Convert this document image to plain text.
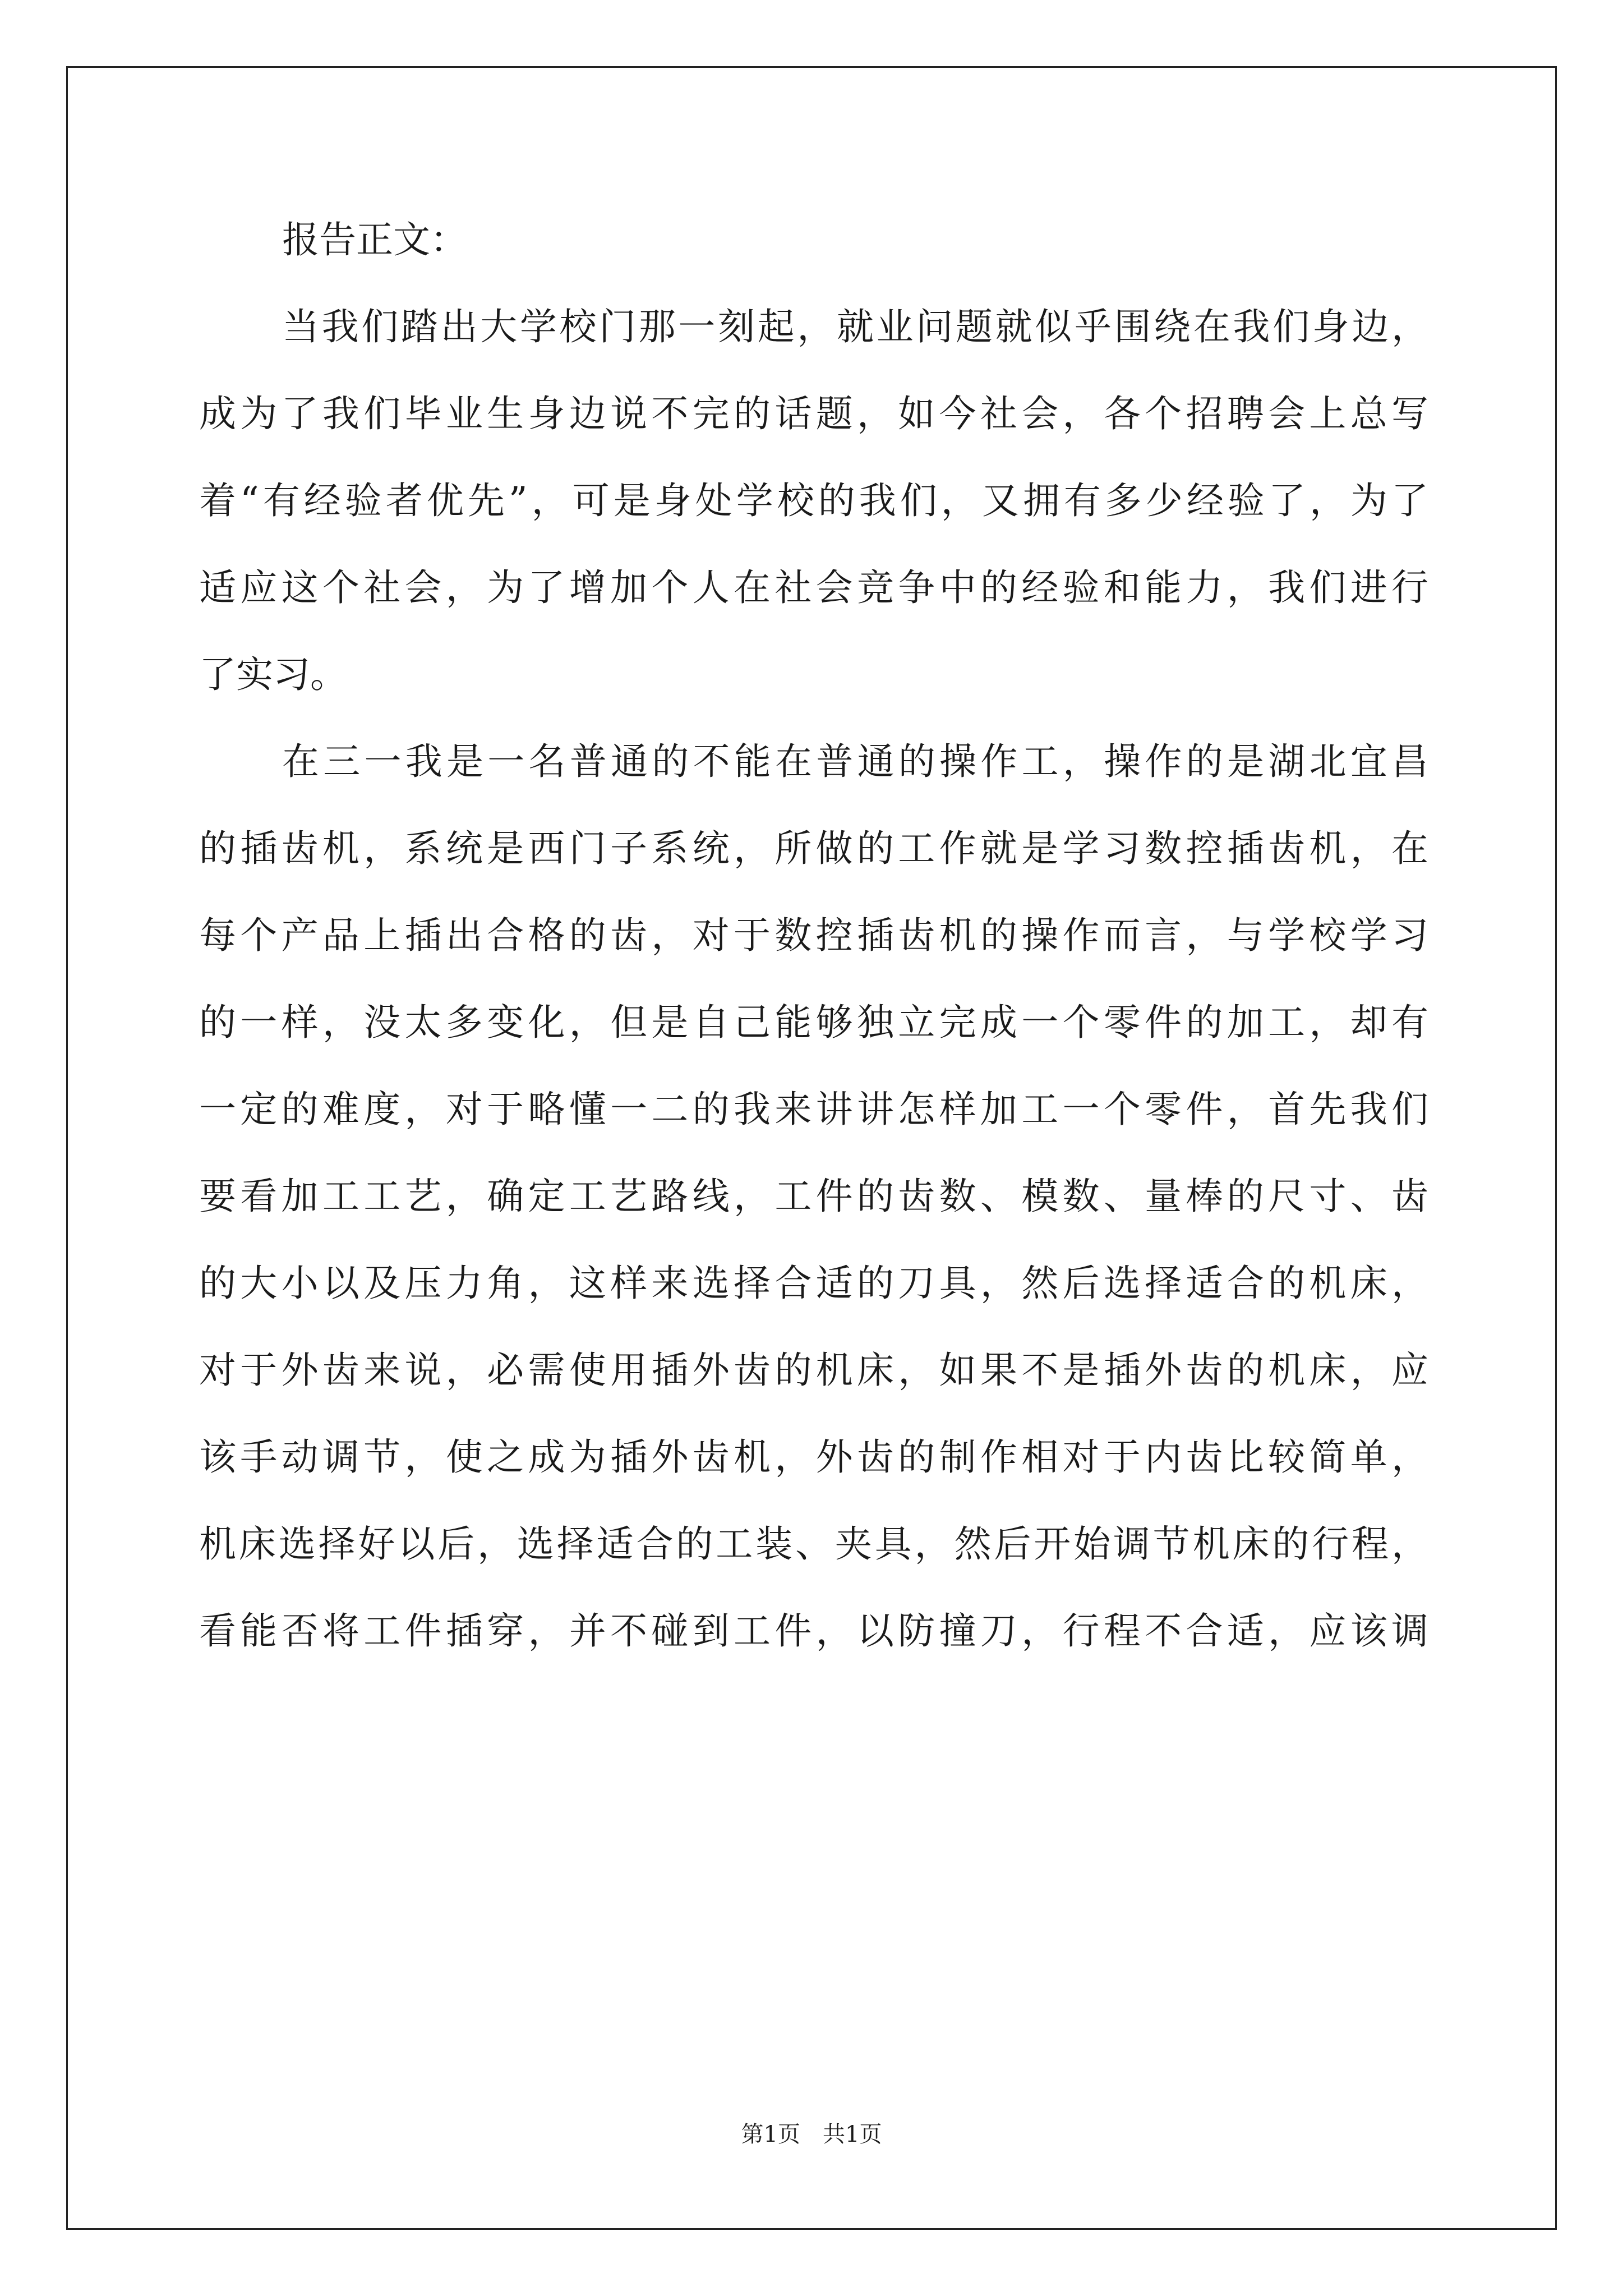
报告正文：
当我们踏出大学校门那一刻起，就业问题就似乎围绕在我们身边，
成为了我们毕业生身边说不完的话题，如今社会，各个招聘会上总写
着“有经验者优先”，可是身处学校的我们，又拥有多少经验了，为了
适应这个社会，为了增加个人在社会竞争中的经验和能力，我们进行
了实习。
在三一我是一名普通的不能在普通的操作工，操作的是湖北宜昌
的插齿机，系统是西门子系统，所做的工作就是学习数控插齿机，在
每个产品上插出合格的齿，对于数控插齿机的操作而言，与学校学习
的一样，没太多变化，但是自己能够独立完成一个零件的加工，却有
一定的难度，对于略懂一二的我来讲讲怎样加工一个零件，首先我们
要看加工工艺，确定工艺路线，工件的齿数、模数、量棒的尺寸、齿
的大小以及压力角，这样来选择合适的刀具，然后选择适合的机床，
对于外齿来说，必需使用插外齿的机床，如果不是插外齿的机床，应
该手动调节，使之成为插外齿机，外齿的制作相对于内齿比较简单，
机床选择好以后，选择适合的工装、夹具，然后开始调节机床的行程，
看能否将工件插穿，并不碰到工件，以防撞刀，行程不合适，应该调
第1页　共1页
